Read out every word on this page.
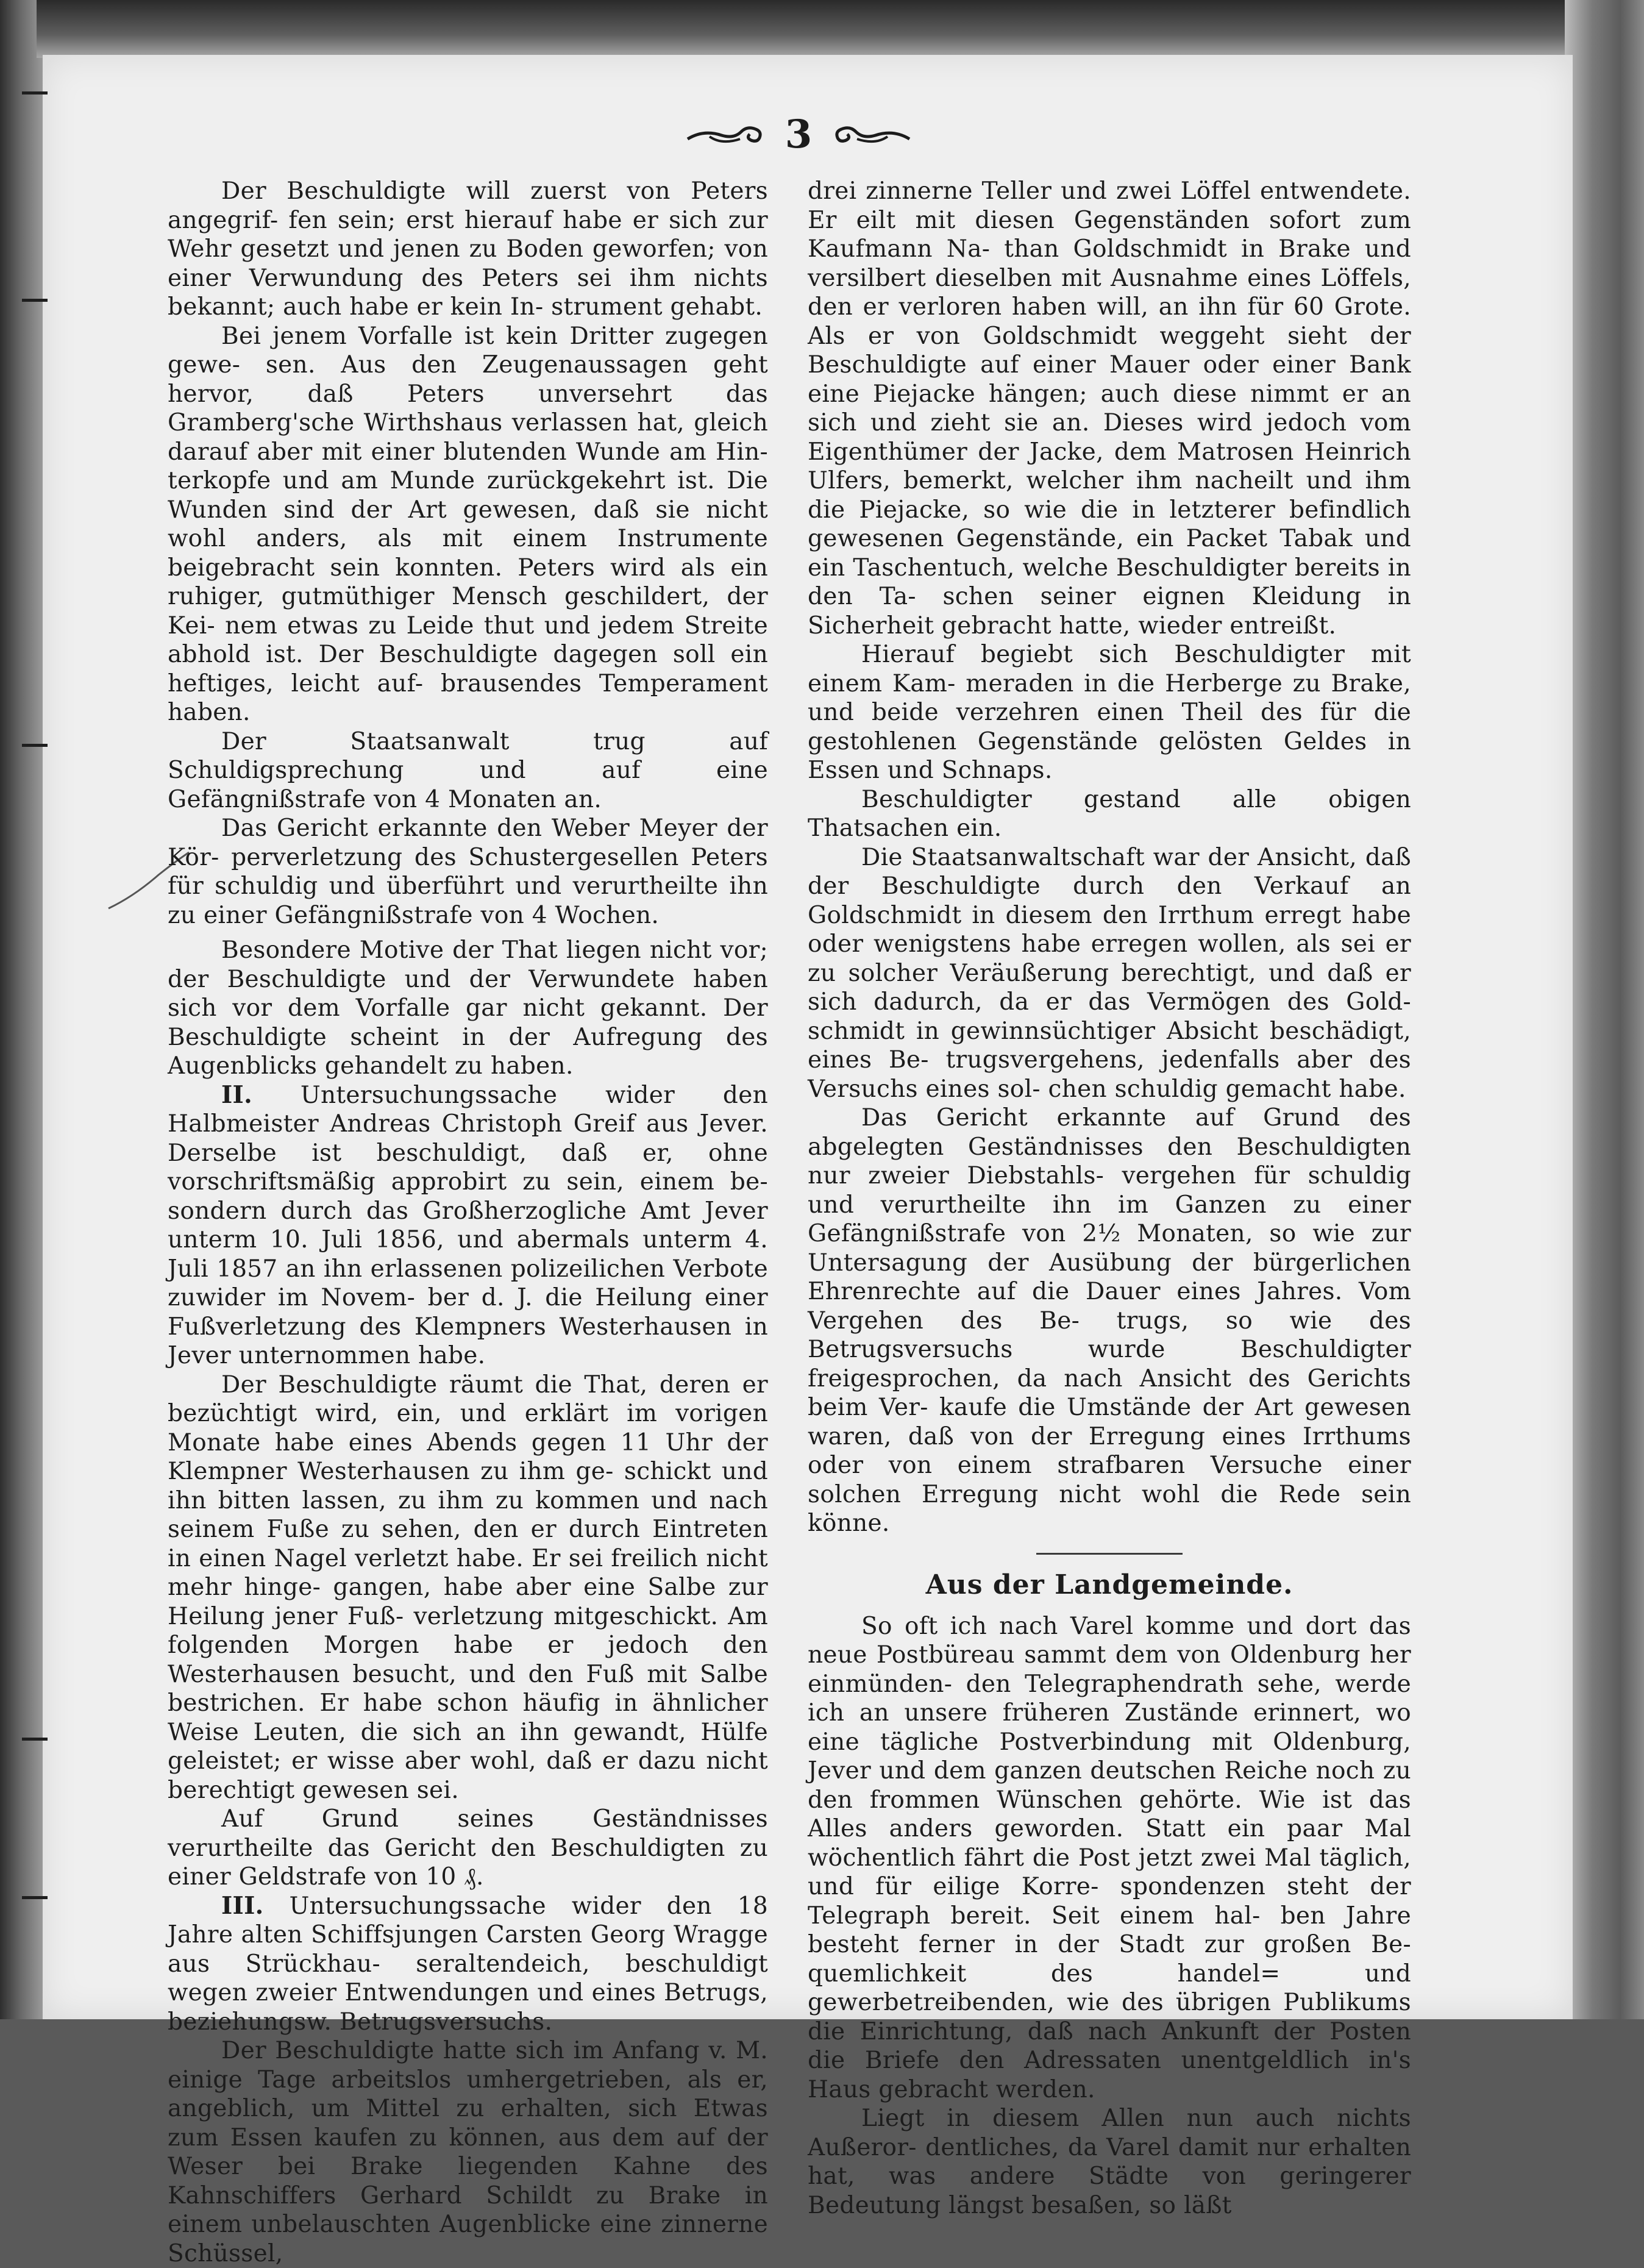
3

Der Beschuldigte will zuerst von Peters angegrif- fen sein; erst hierauf habe er sich zur Wehr gesetzt und jenen zu Boden geworfen; von einer Verwundung des Peters sei ihm nichts bekannt; auch habe er kein In- strument gehabt.

Bei jenem Vorfalle ist kein Dritter zugegen gewe- sen. Aus den Zeugenaussagen geht hervor, daß Peters unversehrt das Gramberg'sche Wirthshaus verlassen hat, gleich darauf aber mit einer blutenden Wunde am Hin- terkopfe und am Munde zurückgekehrt ist. Die Wunden sind der Art gewesen, daß sie nicht wohl anders, als mit einem Instrumente beigebracht sein konnten. Peters wird als ein ruhiger, gutmüthiger Mensch geschildert, der Kei- nem etwas zu Leide thut und jedem Streite abhold ist. Der Beschuldigte dagegen soll ein heftiges, leicht auf- brausendes Temperament haben.

Der Staatsanwalt trug auf Schuldigsprechung und auf eine Gefängnißstrafe von 4 Monaten an.

Das Gericht erkannte den Weber Meyer der Kör- perverletzung des Schustergesellen Peters für schuldig und überführt und verurtheilte ihn zu einer Gefängnißstrafe von 4 Wochen.

Besondere Motive der That liegen nicht vor; der Beschuldigte und der Verwundete haben sich vor dem Vorfalle gar nicht gekannt. Der Beschuldigte scheint in der Aufregung des Augenblicks gehandelt zu haben.

II. Untersuchungssache wider den Halbmeister Andreas Christoph Greif aus Jever. Derselbe ist beschuldigt, daß er, ohne vorschriftsmäßig approbirt zu sein, einem be- sondern durch das Großherzogliche Amt Jever unterm 10. Juli 1856, und abermals unterm 4. Juli 1857 an ihn erlassenen polizeilichen Verbote zuwider im Novem- ber d. J. die Heilung einer Fußverletzung des Klempners Westerhausen in Jever unternommen habe.

Der Beschuldigte räumt die That, deren er bezüchtigt wird, ein, und erklärt im vorigen Monate habe eines Abends gegen 11 Uhr der Klempner Westerhausen zu ihm ge- schickt und ihn bitten lassen, zu ihm zu kommen und nach seinem Fuße zu sehen, den er durch Eintreten in einen Nagel verletzt habe. Er sei freilich nicht mehr hinge- gangen, habe aber eine Salbe zur Heilung jener Fuß- verletzung mitgeschickt. Am folgenden Morgen habe er jedoch den Westerhausen besucht, und den Fuß mit Salbe bestrichen. Er habe schon häufig in ähnlicher Weise Leuten, die sich an ihn gewandt, Hülfe geleistet; er wisse aber wohl, daß er dazu nicht berechtigt gewesen sei.

Auf Grund seines Geständnisses verurtheilte das Gericht den Beschuldigten zu einer Geldstrafe von 10 ₰.

III. Untersuchungssache wider den 18 Jahre alten Schiffsjungen Carsten Georg Wragge aus Strückhau- seraltendeich, beschuldigt wegen zweier Entwendungen und eines Betrugs, beziehungsw. Betrugsversuchs.

Der Beschuldigte hatte sich im Anfang v. M. einige Tage arbeitslos umhergetrieben, als er, angeblich, um Mittel zu erhalten, sich Etwas zum Essen kaufen zu können, aus dem auf der Weser bei Brake liegenden Kahne des Kahnschiffers Gerhard Schildt zu Brake in einem unbelauschten Augenblicke eine zinnerne Schüssel,

drei zinnerne Teller und zwei Löffel entwendete. Er eilt mit diesen Gegenständen sofort zum Kaufmann Na- than Goldschmidt in Brake und versilbert dieselben mit Ausnahme eines Löffels, den er verloren haben will, an ihn für 60 Grote. Als er von Goldschmidt weggeht sieht der Beschuldigte auf einer Mauer oder einer Bank eine Piejacke hängen; auch diese nimmt er an sich und zieht sie an. Dieses wird jedoch vom Eigenthümer der Jacke, dem Matrosen Heinrich Ulfers, bemerkt, welcher ihm nacheilt und ihm die Piejacke, so wie die in letzterer befindlich gewesenen Gegenstände, ein Packet Tabak und ein Taschentuch, welche Beschuldigter bereits in den Ta- schen seiner eignen Kleidung in Sicherheit gebracht hatte, wieder entreißt.

Hierauf begiebt sich Beschuldigter mit einem Kam- meraden in die Herberge zu Brake, und beide verzehren einen Theil des für die gestohlenen Gegenstände gelösten Geldes in Essen und Schnaps.

Beschuldigter gestand alle obigen Thatsachen ein.

Die Staatsanwaltschaft war der Ansicht, daß der Beschuldigte durch den Verkauf an Goldschmidt in diesem den Irrthum erregt habe oder wenigstens habe erregen wollen, als sei er zu solcher Veräußerung berechtigt, und daß er sich dadurch, da er das Vermögen des Gold- schmidt in gewinnsüchtiger Absicht beschädigt, eines Be- trugsvergehens, jedenfalls aber des Versuchs eines sol- chen schuldig gemacht habe.

Das Gericht erkannte auf Grund des abgelegten Geständnisses den Beschuldigten nur zweier Diebstahls- vergehen für schuldig und verurtheilte ihn im Ganzen zu einer Gefängnißstrafe von 2½ Monaten, so wie zur Untersagung der Ausübung der bürgerlichen Ehrenrechte auf die Dauer eines Jahres. Vom Vergehen des Be- trugs, so wie des Betrugsversuchs wurde Beschuldigter freigesprochen, da nach Ansicht des Gerichts beim Ver- kaufe die Umstände der Art gewesen waren, daß von der Erregung eines Irrthums oder von einem strafbaren Versuche einer solchen Erregung nicht wohl die Rede sein könne.

Aus der Landgemeinde.

So oft ich nach Varel komme und dort das neue Postbüreau sammt dem von Oldenburg her einmünden- den Telegraphendrath sehe, werde ich an unsere früheren Zustände erinnert, wo eine tägliche Postverbindung mit Oldenburg, Jever und dem ganzen deutschen Reiche noch zu den frommen Wünschen gehörte. Wie ist das Alles anders geworden. Statt ein paar Mal wöchentlich fährt die Post jetzt zwei Mal täglich, und für eilige Korre- spondenzen steht der Telegraph bereit. Seit einem hal- ben Jahre besteht ferner in der Stadt zur großen Be- quemlichkeit des handel= und gewerbetreibenden, wie des übrigen Publikums die Einrichtung, daß nach Ankunft der Posten die Briefe den Adressaten unentgeldlich in's Haus gebracht werden.

Liegt in diesem Allen nun auch nichts Außeror- dentliches, da Varel damit nur erhalten hat, was andere Städte von geringerer Bedeutung längst besaßen, so läßt
